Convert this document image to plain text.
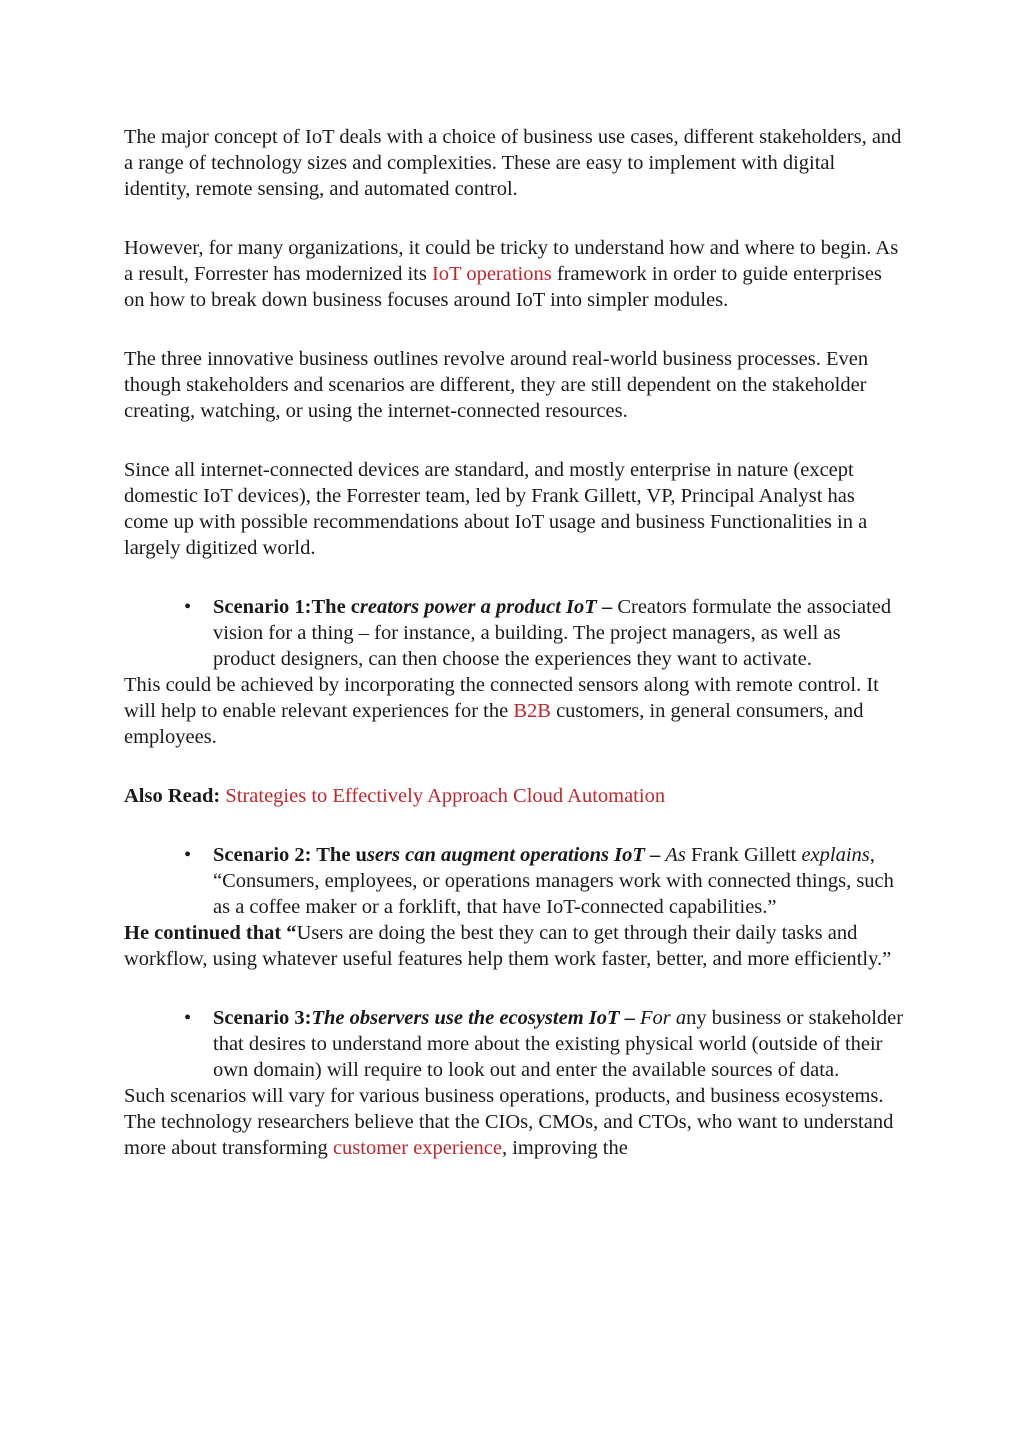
The major concept of IoT deals with a choice of business use cases, different stakeholders, and a range of technology sizes and complexities. These are easy to implement with digital identity, remote sensing, and automated control.

However, for many organizations, it could be tricky to understand how and where to begin. As a result, Forrester has modernized its IoT operations framework in order to guide enterprises on how to break down business focuses around IoT into simpler modules.

The three innovative business outlines revolve around real-world business processes. Even though stakeholders and scenarios are different, they are still dependent on the stakeholder creating, watching, or using the internet-connected resources.

Since all internet-connected devices are standard, and mostly enterprise in nature (except domestic IoT devices), the Forrester team, led by Frank Gillett, VP, Principal Analyst has come up with possible recommendations about IoT usage and business Functionalities in a largely digitized world.

• Scenario 1:The creators power a product IoT – Creators formulate the associated vision for a thing – for instance, a building. The project managers, as well as product designers, can then choose the experiences they want to activate.

This could be achieved by incorporating the connected sensors along with remote control. It will help to enable relevant experiences for the B2B customers, in general consumers, and employees.

Also Read: Strategies to Effectively Approach Cloud Automation

• Scenario 2: The users can augment operations IoT – As Frank Gillett explains, “Consumers, employees, or operations managers work with connected things, such as a coffee maker or a forklift, that have IoT-connected capabilities.”

He continued that “Users are doing the best they can to get through their daily tasks and workflow, using whatever useful features help them work faster, better, and more efficiently.”

• Scenario 3:The observers use the ecosystem IoT – For any business or stakeholder that desires to understand more about the existing physical world (outside of their own domain) will require to look out and enter the available sources of data.

Such scenarios will vary for various business operations, products, and business ecosystems. The technology researchers believe that the CIOs, CMOs, and CTOs, who want to understand more about transforming customer experience, improving the
